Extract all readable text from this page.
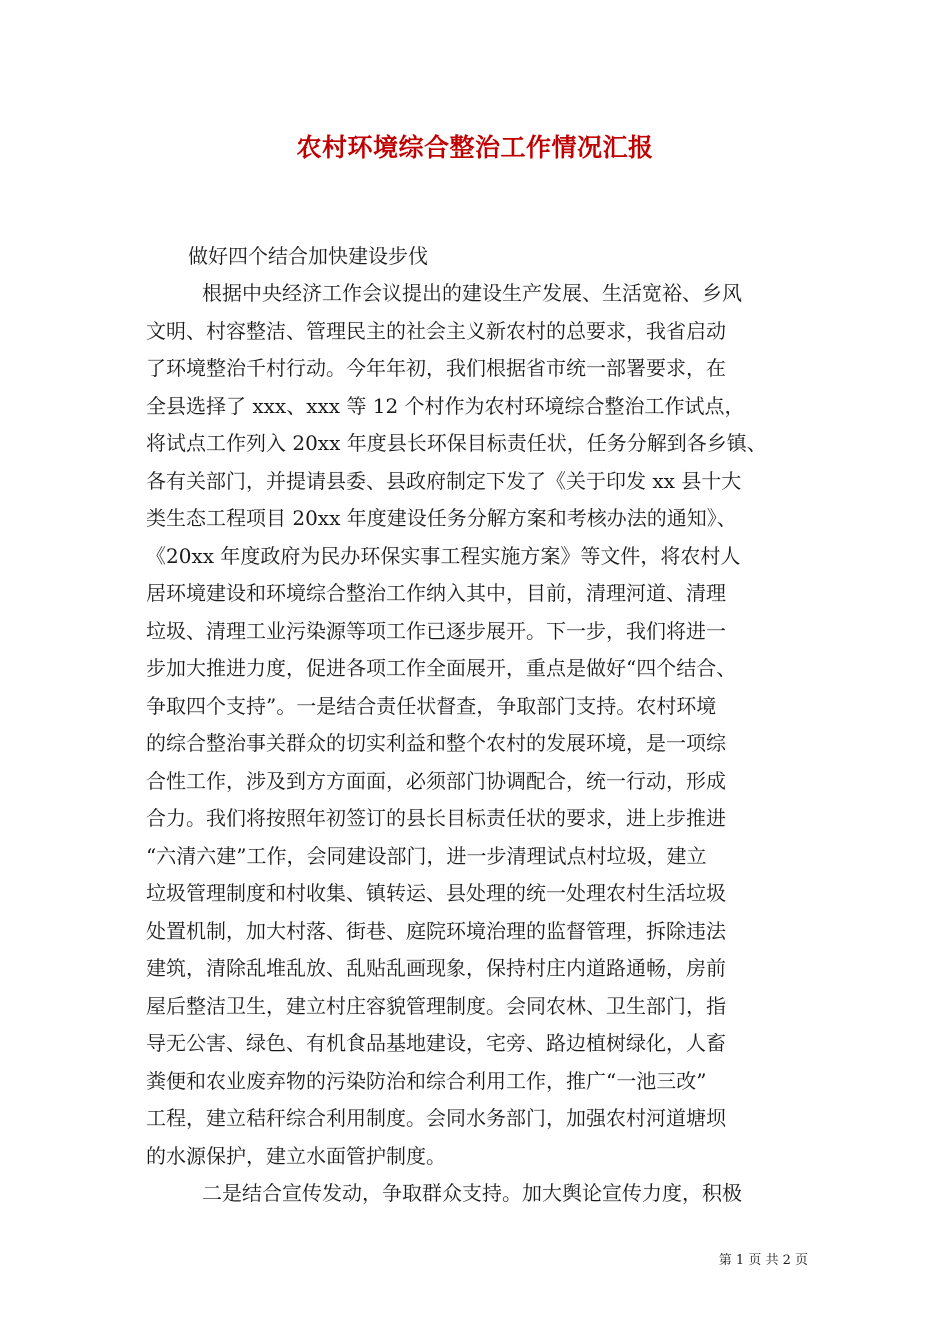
农村环境综合整治工作情况汇报
做好四个结合加快建设步伐
根据中央经济工作会议提出的建设生产发展、生活宽裕、乡风
文明、村容整洁、管理民主的社会主义新农村的总要求，我省启动
了环境整治千村行动。今年年初，我们根据省市统一部署要求，在
全县选择了 xxx、xxx 等 12 个村作为农村环境综合整治工作试点，
将试点工作列入 20xx 年度县长环保目标责任状，任务分解到各乡镇、
各有关部门，并提请县委、县政府制定下发了《关于印发 xx 县十大
类生态工程项目 20xx 年度建设任务分解方案和考核办法的通知》、
《20xx 年度政府为民办环保实事工程实施方案》等文件，将农村人
居环境建设和环境综合整治工作纳入其中，目前，清理河道、清理
垃圾、清理工业污染源等项工作已逐步展开。下一步，我们将进一
步加大推进力度，促进各项工作全面展开，重点是做好“四个结合、
争取四个支持”。一是结合责任状督查，争取部门支持。农村环境
的综合整治事关群众的切实利益和整个农村的发展环境，是一项综
合性工作，涉及到方方面面，必须部门协调配合，统一行动，形成
合力。我们将按照年初签订的县长目标责任状的要求，进上步推进
“六清六建”工作，会同建设部门，进一步清理试点村垃圾，建立
垃圾管理制度和村收集、镇转运、县处理的统一处理农村生活垃圾
处置机制，加大村落、街巷、庭院环境治理的监督管理，拆除违法
建筑，清除乱堆乱放、乱贴乱画现象，保持村庄内道路通畅，房前
屋后整洁卫生，建立村庄容貌管理制度。会同农林、卫生部门，指
导无公害、绿色、有机食品基地建设，宅旁、路边植树绿化，人畜
粪便和农业废弃物的污染防治和综合利用工作，推广“一池三改”
工程，建立秸秆综合利用制度。会同水务部门，加强农村河道塘坝
的水源保护，建立水面管护制度。
二是结合宣传发动，争取群众支持。加大舆论宣传力度，积极
第 1 页 共 2 页
